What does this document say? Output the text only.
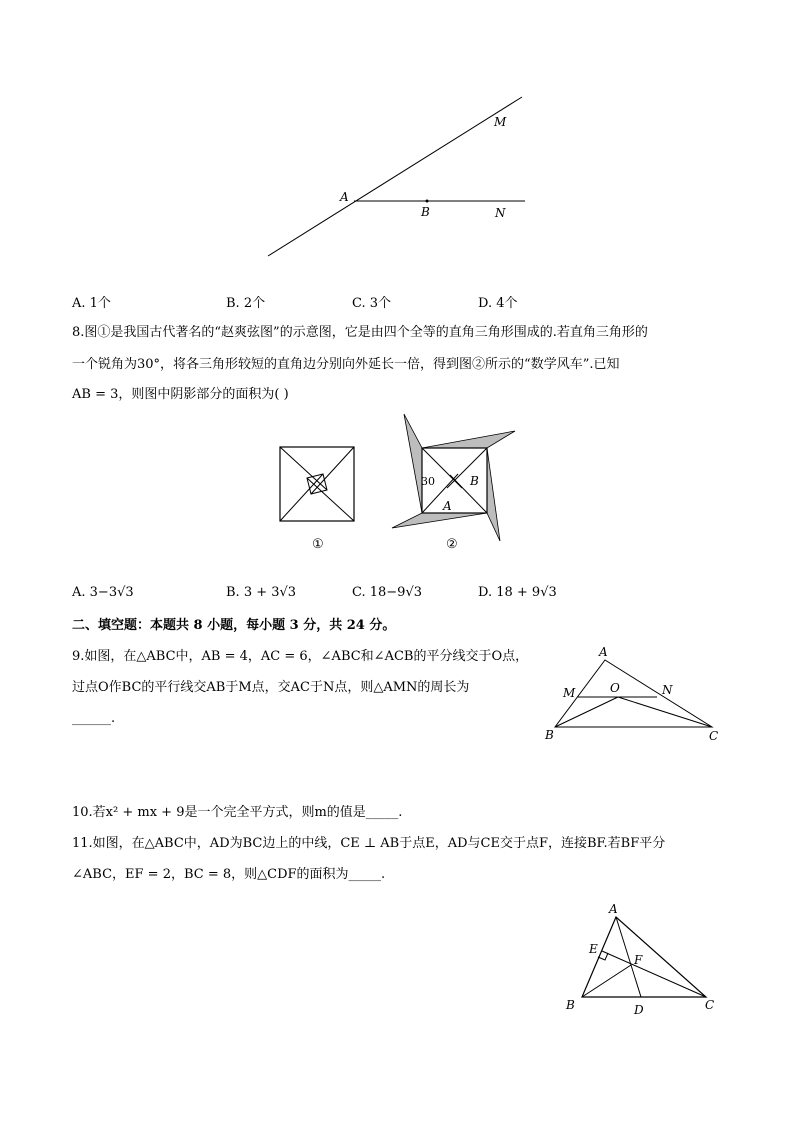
M
A
B	N
A. 1个	B. 2个	C. 3个	D. 4个
8.图①是我国古代著名的“赵爽弦图”的示意图，它是由四个全等的直角三角形围成的.若直角三角形的
一个锐角为30°，将各三角形较短的直角边分别向外延长一倍，得到图②所示的“数学风车”.已知
AB = 3，则图中阴影部分的面积为( )
①
30	B
A
②
A. 3−3√3	B. 3 + 3√3	C. 18−9√3	D. 18 + 9√3
二、填空题：本题共 8 小题，每小题 3 分，共 24 分。
9.如图，在△ABC中，AB = 4，AC = 6，∠ABC和∠ACB的平分线交于O点，
过点O作BC的平行线交AB于M点，交AC于N点，则△AMN的周长为
______.
A
M	O	N
B	C
10.若x² + mx + 9是一个完全平方式，则m的值是_____.
11.如图，在△ABC中，AD为BC边上的中线，CE ⊥ AB于点E，AD与CE交于点F，连接BF.若BF平分
∠ABC，EF = 2，BC = 8，则△CDF的面积为_____.
A
E
F
B	D	C
